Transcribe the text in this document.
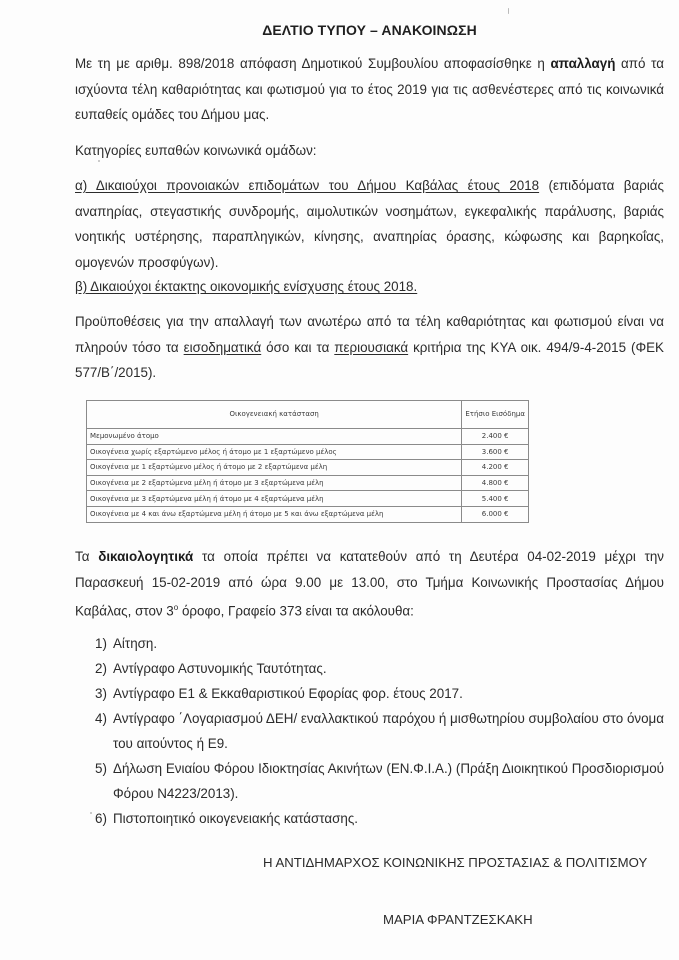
ΔΕΛΤΙΟ ΤΥΠΟΥ – ΑΝΑΚΟΙΝΩΣΗ
Με τη με αριθμ. 898/2018 απόφαση Δημοτικού Συμβουλίου αποφασίσθηκε η απαλλαγή από τα ισχύοντα τέλη καθαριότητας και φωτισμού για το έτος 2019 για τις ασθενέστερες από τις κοινωνικά ευπαθείς ομάδες του Δήμου μας.
Κατηγορίες ευπαθών κοινωνικά ομάδων:
α) Δικαιούχοι προνοιακών επιδομάτων του Δήμου Καβάλας έτους 2018 (επιδόματα βαριάς αναπηρίας, στεγαστικής συνδρομής, αιμολυτικών νοσημάτων, εγκεφαλικής παράλυσης, βαριάς νοητικής υστέρησης, παραπληγικών, κίνησης, αναπηρίας όρασης, κώφωσης και βαρηκοΐας, ομογενών προσφύγων).
β) Δικαιούχοι έκτακτης οικονομικής ενίσχυσης έτους 2018.
Προϋποθέσεις για την απαλλαγή των ανωτέρω από τα τέλη καθαριότητας και φωτισμού είναι να πληρούν τόσο τα εισοδηματικά όσο και τα περιουσιακά κριτήρια της ΚΥΑ οικ. 494/9-4-2015 (ΦΕΚ 577/Β΄/2015).
Οικογενειακή κατάσταση	Ετήσιο Εισόδημα
Μεμονωμένο άτομο	2.400 €
Οικογένεια χωρίς εξαρτώμενο μέλος ή άτομο με 1 εξαρτώμενο μέλος	3.600 €
Οικογένεια με 1 εξαρτώμενο μέλος ή άτομο με 2 εξαρτώμενα μέλη	4.200 €
Οικογένεια με 2 εξαρτώμενα μέλη ή άτομο με 3 εξαρτώμενα μέλη	4.800 €
Οικογένεια με 3 εξαρτώμενα μέλη ή άτομο με 4 εξαρτώμενα μέλη	5.400 €
Οικογένεια με 4 και άνω εξαρτώμενα μέλη ή άτομο με 5 και άνω εξαρτώμενα μέλη	6.000 €
Τα δικαιολογητικά τα οποία πρέπει να κατατεθούν από τη Δευτέρα 04-02-2019 μέχρι την Παρασκευή 15-02-2019 από ώρα 9.00 με 13.00, στο Τμήμα Κοινωνικής Προστασίας Δήμου Καβάλας, στον $3^o$ όροφο, Γραφείο 373 είναι τα ακόλουθα:
1) Αίτηση.
2) Αντίγραφο Αστυνομικής Ταυτότητας.
3) Αντίγραφο Ε1 & Εκκαθαριστικού Εφορίας φορ. έτους 2017.
4) Αντίγραφο ΄Λογαριασμού ΔΕΗ/ εναλλακτικού παρόχου ή μισθωτηρίου συμβολαίου στο όνομα του αιτούντος ή Ε9.
5) Δήλωση Ενιαίου Φόρου Ιδιοκτησίας Ακινήτων (ΕΝ.Φ.Ι.Α.) (Πράξη Διοικητικού Προσδιορισμού Φόρου Ν4223/2013).
6) Πιστοποιητικό οικογενειακής κατάστασης.
Η ΑΝΤΙΔΗΜΑΡΧΟΣ ΚΟΙΝΩΝΙΚΗΣ ΠΡΟΣΤΑΣΙΑΣ & ΠΟΛΙΤΙΣΜΟΥ
ΜΑΡΙΑ ΦΡΑΝΤΖΕΣΚΑΚΗ
